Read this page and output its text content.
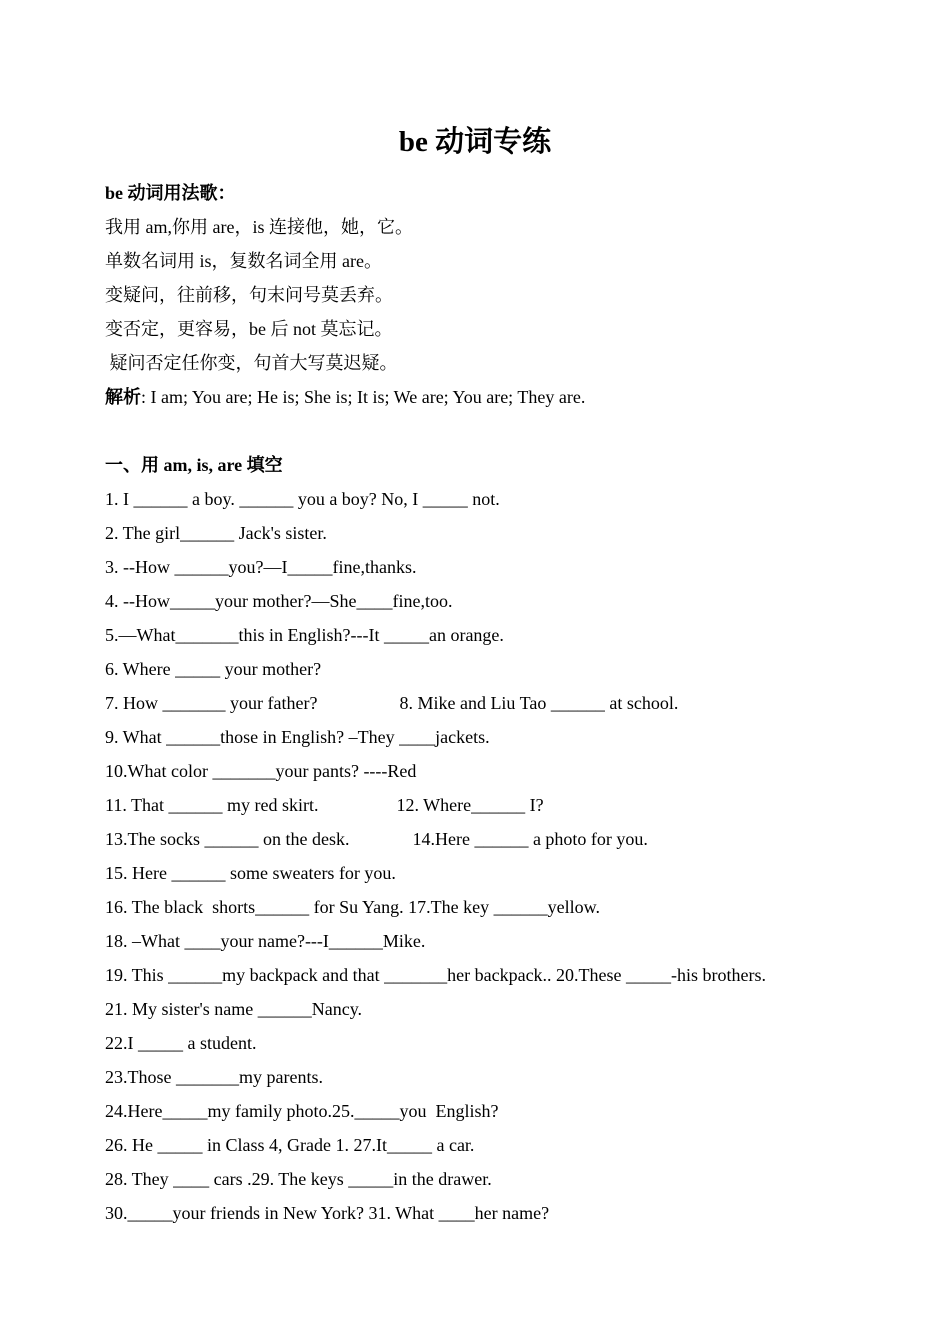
be 动词专练
be 动词用法歌：
我用 am,你用 are，is 连接他，她，它。
单数名词用 is，复数名词全用 are。
变疑问，往前移，句末问号莫丢弃。
变否定，更容易，be 后 not 莫忘记。
疑问否定任你变，句首大写莫迟疑。
解析: I am; You are; He is; She is; It is; We are; You are; They are.
一、用 am, is, are 填空
1. I ______ a boy. ______ you a boy? No, I _____ not.
2. The girl______ Jack's sister.
3. --How ______you?—I_____fine,thanks.
4. --How_____your mother?—She____fine,too.
5.—What_______this in English?---It _____an orange.
6. Where _____ your mother?
7. How _______ your father?	8. Mike and Liu Tao ______ at school.
9. What ______those in English? –They ____jackets.
10.What color _______your pants? ----Red
11. That ______ my red skirt.	12. Where______ I?
13.The socks ______ on the desk.	14.Here ______ a photo for you.
15. Here ______ some sweaters for you.
16. The black  shorts______ for Su Yang. 17.The key ______yellow.
18. –What ____your name?---I______Mike.
19. This ______my backpack and that _______her backpack.. 20.These _____-his brothers.
21. My sister's name ______Nancy.
22.I _____ a student.
23.Those _______my parents.
24.Here_____my family photo.25._____you  English?
26. He _____ in Class 4, Grade 1. 27.It_____ a car.
28. They ____ cars .29. The keys _____in the drawer.
30._____your friends in New York? 31. What ____her name?
